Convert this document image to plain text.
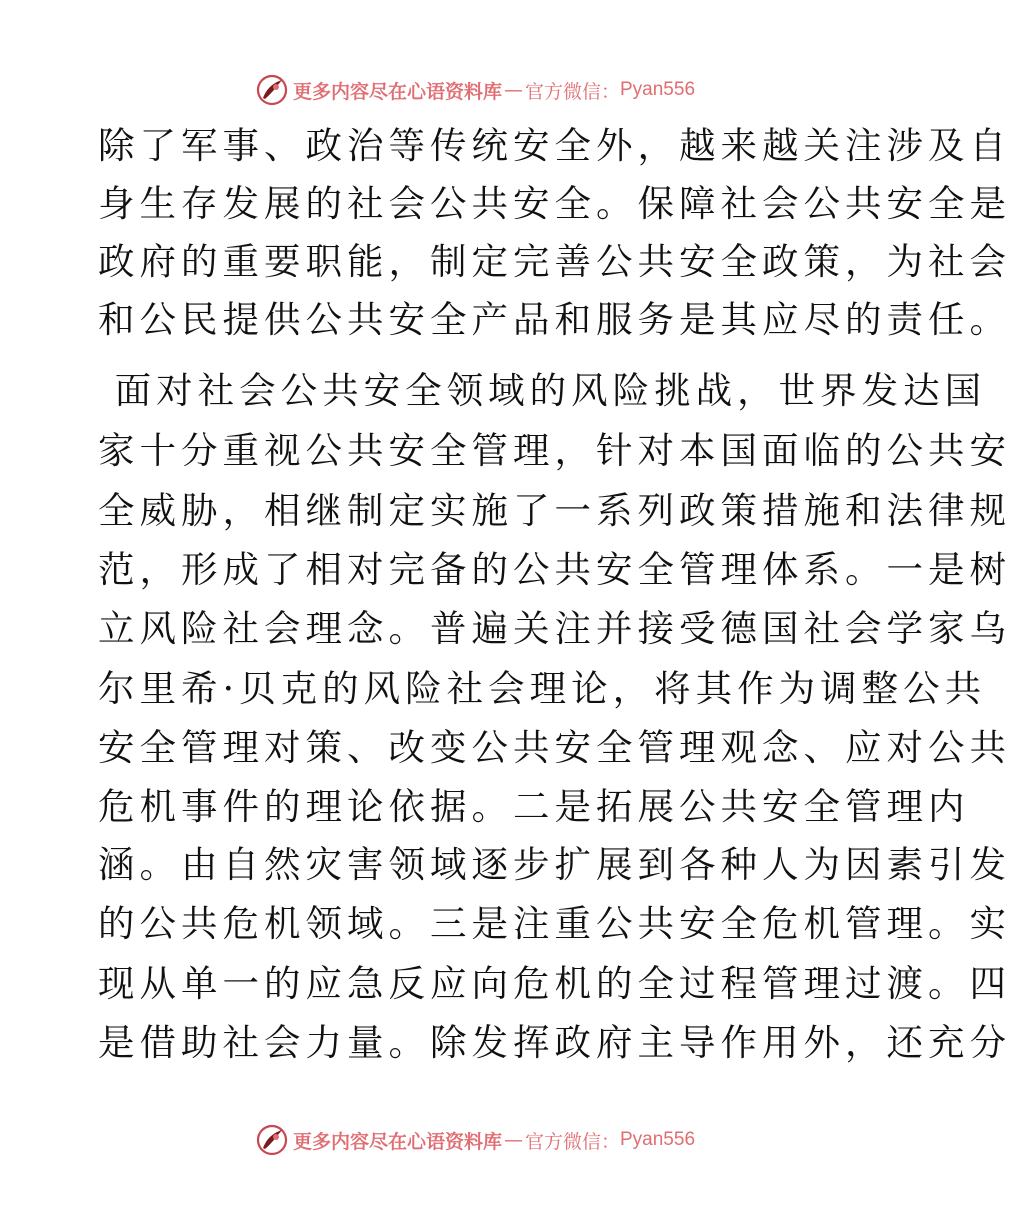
更多内容尽在心语资料库 — 官方微信： Pyan556
除了军事、政治等传统安全外，越来越关注涉及自
身生存发展的社会公共安全。保障社会公共安全是
政府的重要职能，制定完善公共安全政策，为社会
和公民提供公共安全产品和服务是其应尽的责任。
面对社会公共安全领域的风险挑战，世界发达国
家十分重视公共安全管理，针对本国面临的公共安
全威胁，相继制定实施了一系列政策措施和法律规
范，形成了相对完备的公共安全管理体系。一是树
立风险社会理念。普遍关注并接受德国社会学家乌
尔里希·贝克的风险社会理论，将其作为调整公共
安全管理对策、改变公共安全管理观念、应对公共
危机事件的理论依据。二是拓展公共安全管理内
涵。由自然灾害领域逐步扩展到各种人为因素引发
的公共危机领域。三是注重公共安全危机管理。实
现从单一的应急反应向危机的全过程管理过渡。四
是借助社会力量。除发挥政府主导作用外，还充分
更多内容尽在心语资料库 — 官方微信： Pyan556
